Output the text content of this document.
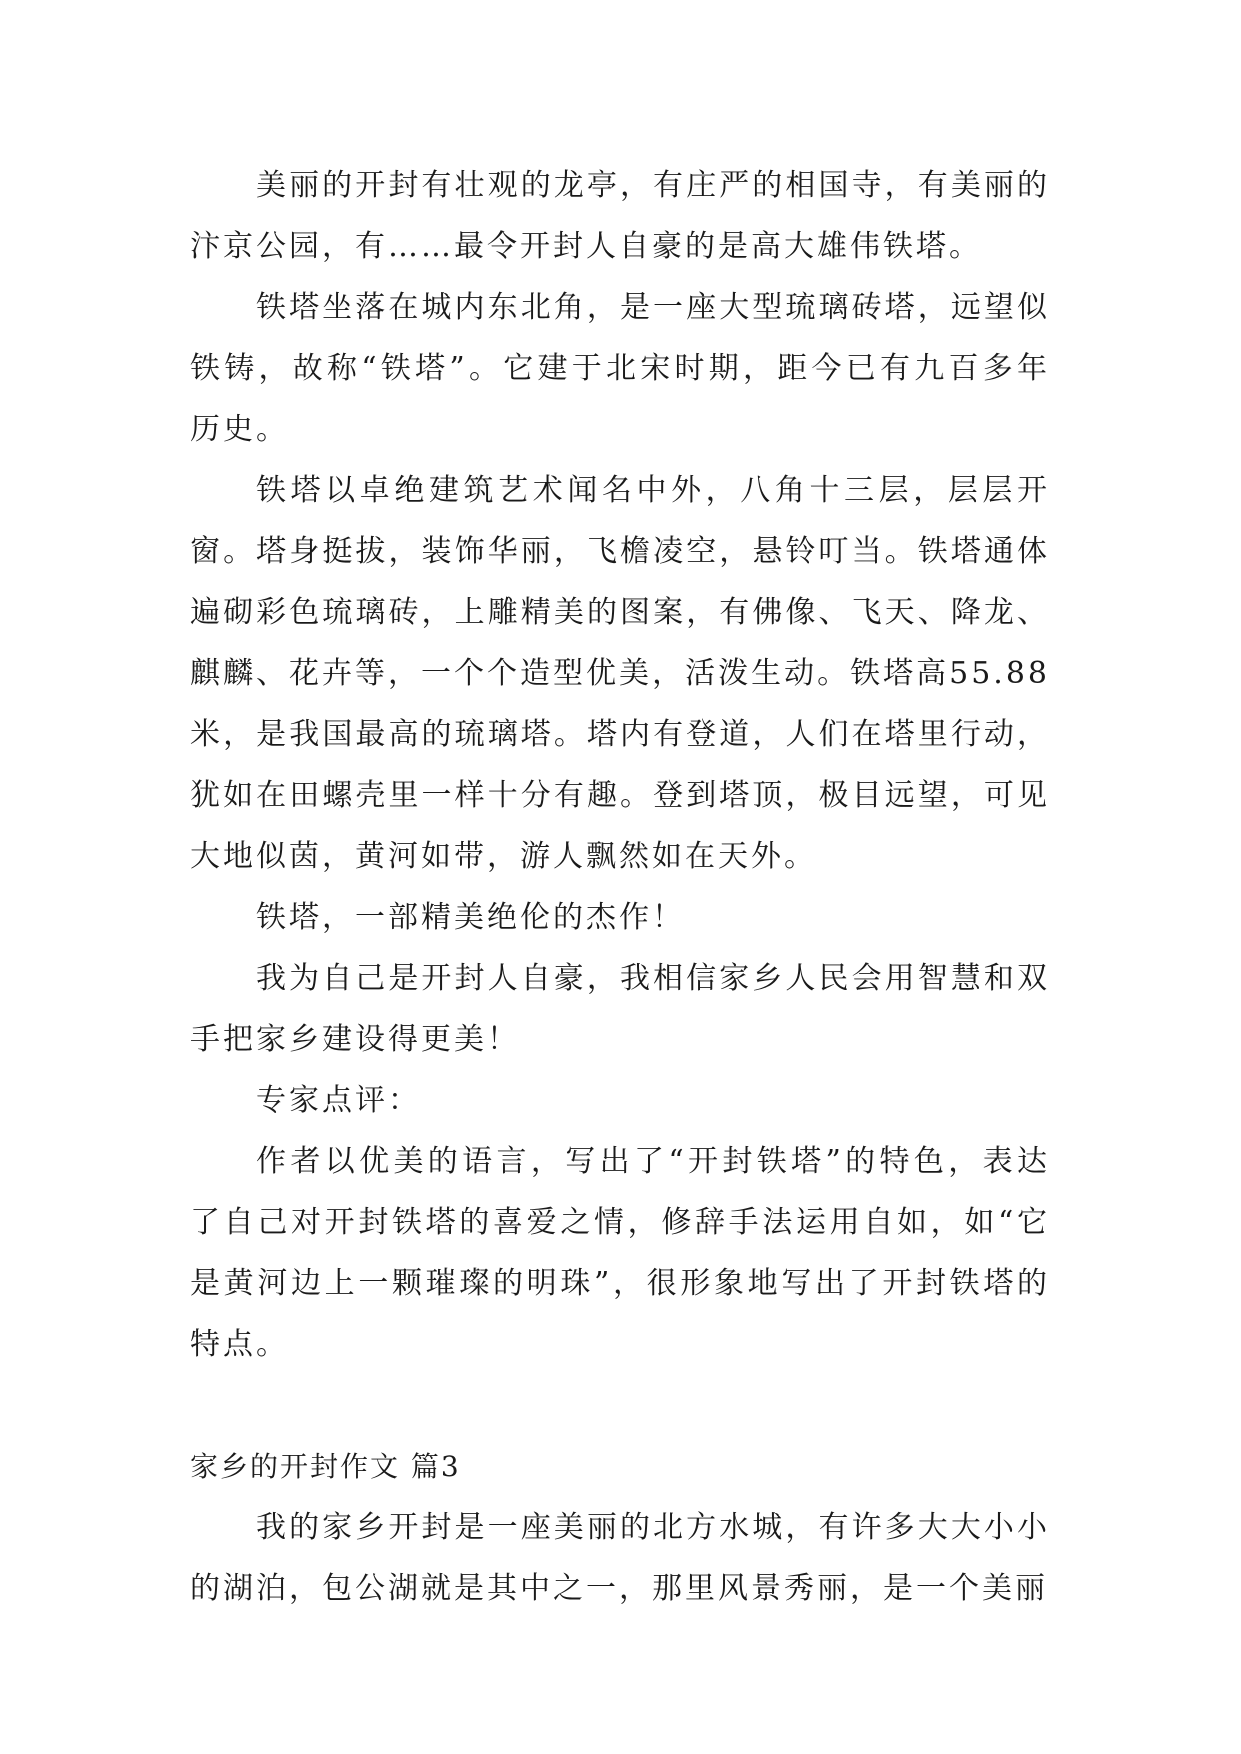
美丽的开封有壮观的龙亭，有庄严的相国寺，有美丽的汴京公园，有……最令开封人自豪的是高大雄伟铁塔。

铁塔坐落在城内东北角，是一座大型琉璃砖塔，远望似铁铸，故称“铁塔”。它建于北宋时期，距今已有九百多年历史。

铁塔以卓绝建筑艺术闻名中外，八角十三层，层层开窗。塔身挺拔，装饰华丽，飞檐凌空，悬铃叮当。铁塔通体遍砌彩色琉璃砖，上雕精美的图案，有佛像、飞天、降龙、麒麟、花卉等，一个个造型优美，活泼生动。铁塔高55.88米，是我国最高的琉璃塔。塔内有登道，人们在塔里行动，犹如在田螺壳里一样十分有趣。登到塔顶，极目远望，可见大地似茵，黄河如带，游人飘然如在天外。

铁塔，一部精美绝伦的杰作！

我为自己是开封人自豪，我相信家乡人民会用智慧和双手把家乡建设得更美！

专家点评：

作者以优美的语言，写出了“开封铁塔”的特色，表达了自己对开封铁塔的喜爱之情，修辞手法运用自如，如“它是黄河边上一颗璀璨的明珠”，很形象地写出了开封铁塔的特点。

家乡的开封作文 篇3

我的家乡开封是一座美丽的北方水城，有许多大大小小的湖泊，包公湖就是其中之一，那里风景秀丽，是一个美丽
